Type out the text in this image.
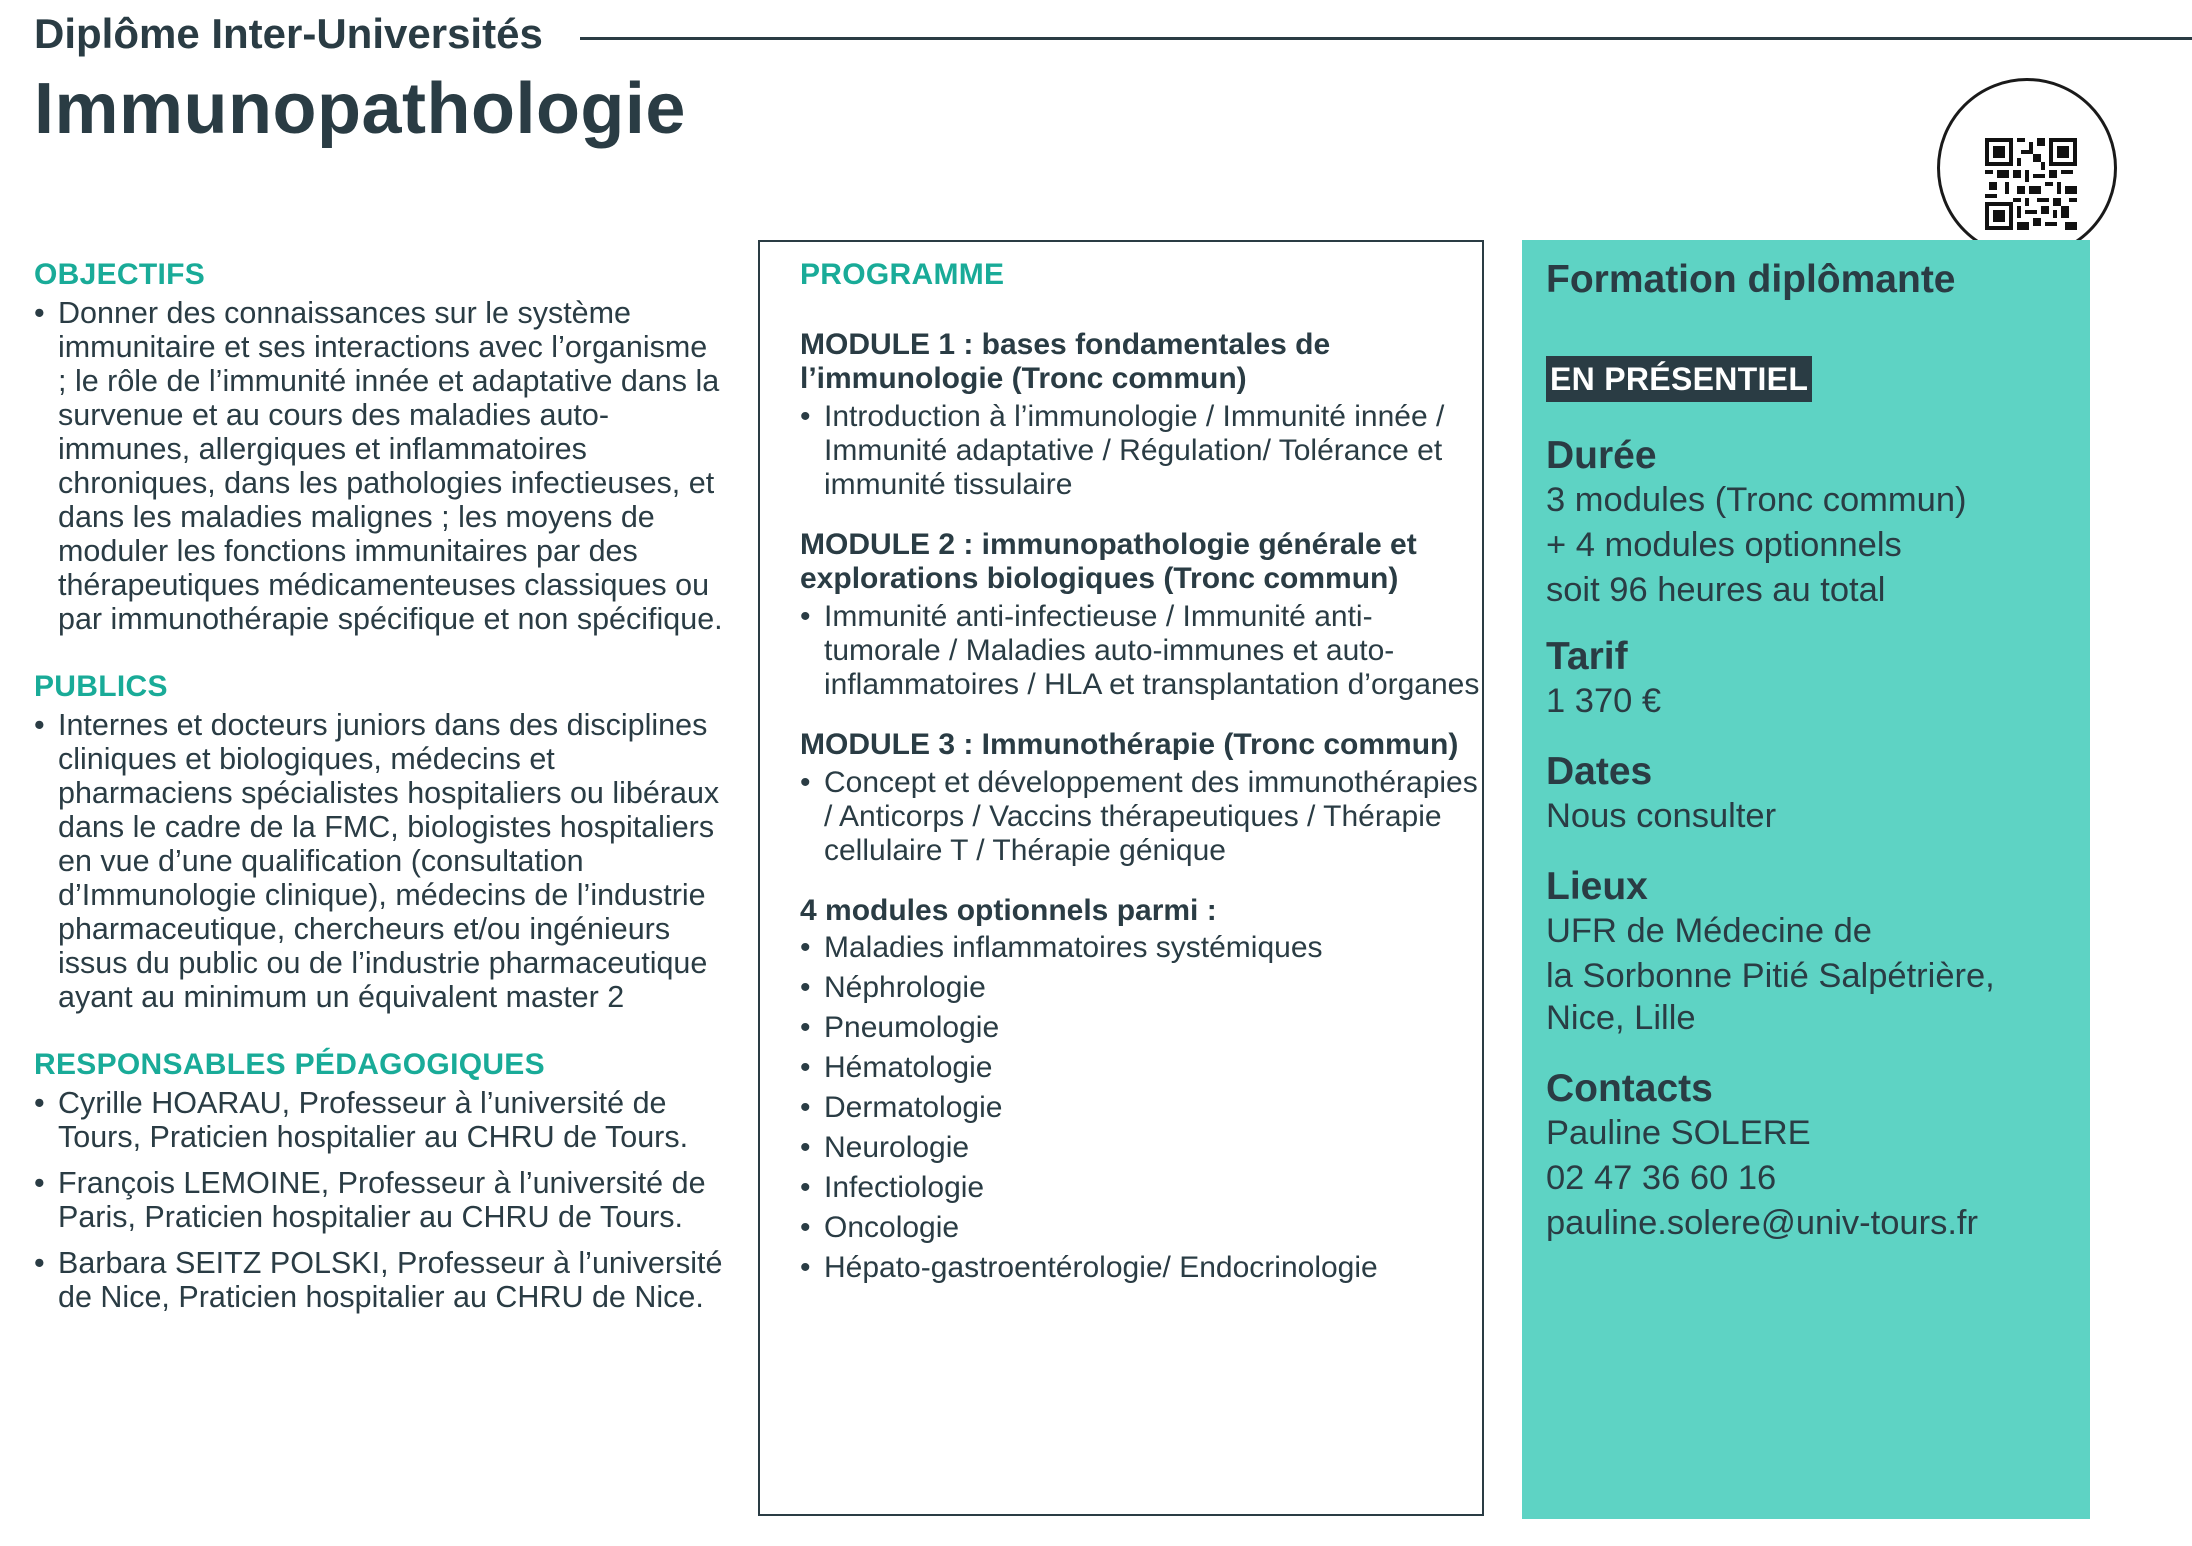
Diplôme Inter-Universités
Immunopathologie
OBJECTIFS
• Donner des connaissances sur le système immunitaire et ses interactions avec l’organisme ; le rôle de l’immunité innée et adaptative dans la survenue et au cours des maladies auto-immunes, allergiques et inflammatoires chroniques, dans les pathologies infectieuses, et dans les maladies malignes ; les moyens de moduler les fonctions immunitaires par des thérapeutiques médicamenteuses classiques ou par immunothérapie spécifique et non spécifique.
PUBLICS
• Internes et docteurs juniors dans des disciplines cliniques et biologiques, médecins et pharmaciens spécialistes hospitaliers ou libéraux dans le cadre de la FMC, biologistes hospitaliers en vue d’une qualification (consultation d’Immunologie clinique), médecins de l’industrie pharmaceutique, chercheurs et/ou ingénieurs issus du public ou de l’industrie pharmaceutique ayant au minimum un équivalent master 2
RESPONSABLES PÉDAGOGIQUES
• Cyrille HOARAU, Professeur à l’université de Tours, Praticien hospitalier au CHRU de Tours.
• François LEMOINE, Professeur à l’université de Paris, Praticien hospitalier au CHRU de Tours.
• Barbara SEITZ POLSKI, Professeur à l’université de Nice, Praticien hospitalier au CHRU de Nice.
PROGRAMME

MODULE 1 : bases fondamentales de l’immunologie (Tronc commun)

• Introduction à l’immunologie / Immunité innée / Immunité adaptative / Régulation/ Tolérance et immunité tissulaire

MODULE 2 : immunopathologie générale et explorations biologiques (Tronc commun)

• Immunité anti-infectieuse / Immunité anti-tumorale / Maladies auto-immunes et auto-inflammatoires / HLA et transplantation d’organes

MODULE 3 : Immunothérapie (Tronc commun)

• Concept et développement des immunothérapies / Anticorps / Vaccins thérapeutiques / Thérapie cellulaire T / Thérapie génique

4 modules optionnels parmi :

• Maladies inflammatoires systémiques
• Néphrologie
• Pneumologie
• Hématologie
• Dermatologie
• Neurologie
• Infectiologie
• Oncologie
• Hépato-gastroentérologie/ Endocrinologie

Formation diplômante

EN PRÉSENTIEL

Durée

3 modules (Tronc commun)

+ 4 modules optionnels

soit 96 heures au total

Tarif

1 370 €

Dates

Nous consulter

Lieux

UFR de Médecine de

la Sorbonne Pitié Salpétrière,

Nice, Lille

Contacts

Pauline SOLERE

02 47 36 60 16

pauline.solere@univ-tours.fr
